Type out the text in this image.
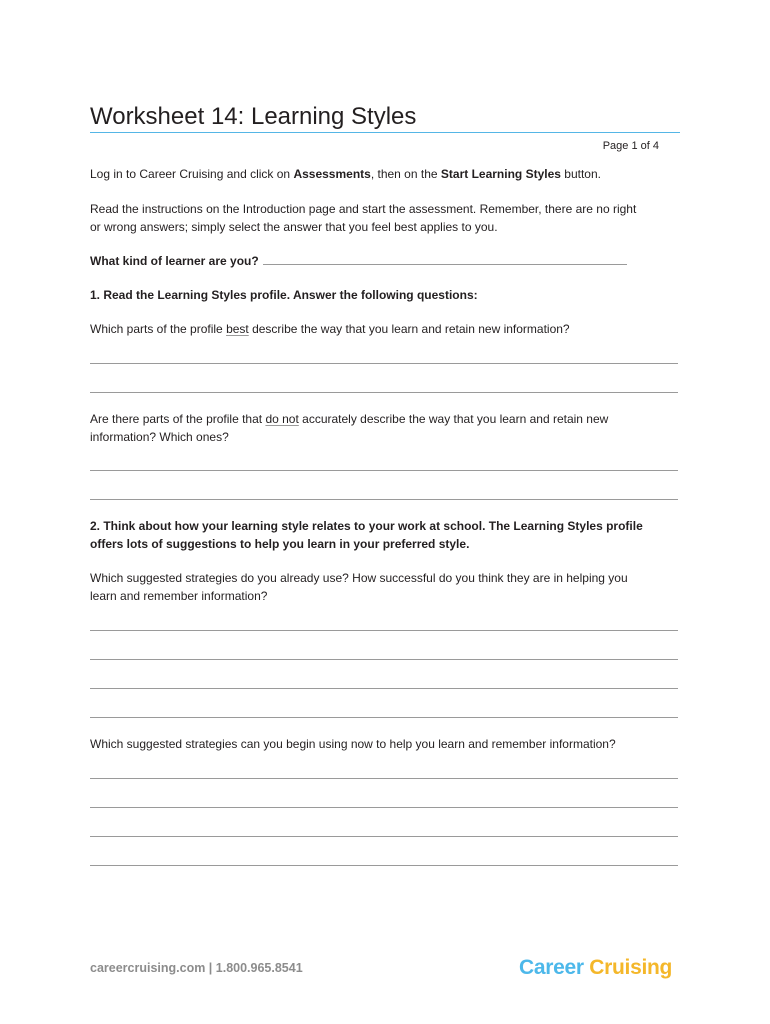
Worksheet 14: Learning Styles
Page 1 of 4
Log in to Career Cruising and click on Assessments, then on the Start Learning Styles button.
Read the instructions on the Introduction page and start the assessment. Remember, there are no right
or wrong answers; simply select the answer that you feel best applies to you.
What kind of learner are you?
1. Read the Learning Styles profile. Answer the following questions:
Which parts of the profile best describe the way that you learn and retain new information?
Are there parts of the profile that do not accurately describe the way that you learn and retain new
information? Which ones?
2. Think about how your learning style relates to your work at school. The Learning Styles profile
offers lots of suggestions to help you learn in your preferred style.
Which suggested strategies do you already use? How successful do you think they are in helping you
learn and remember information?
Which suggested strategies can you begin using now to help you learn and remember information?
careercruising.com | 1.800.965.8541	Career Cruising
